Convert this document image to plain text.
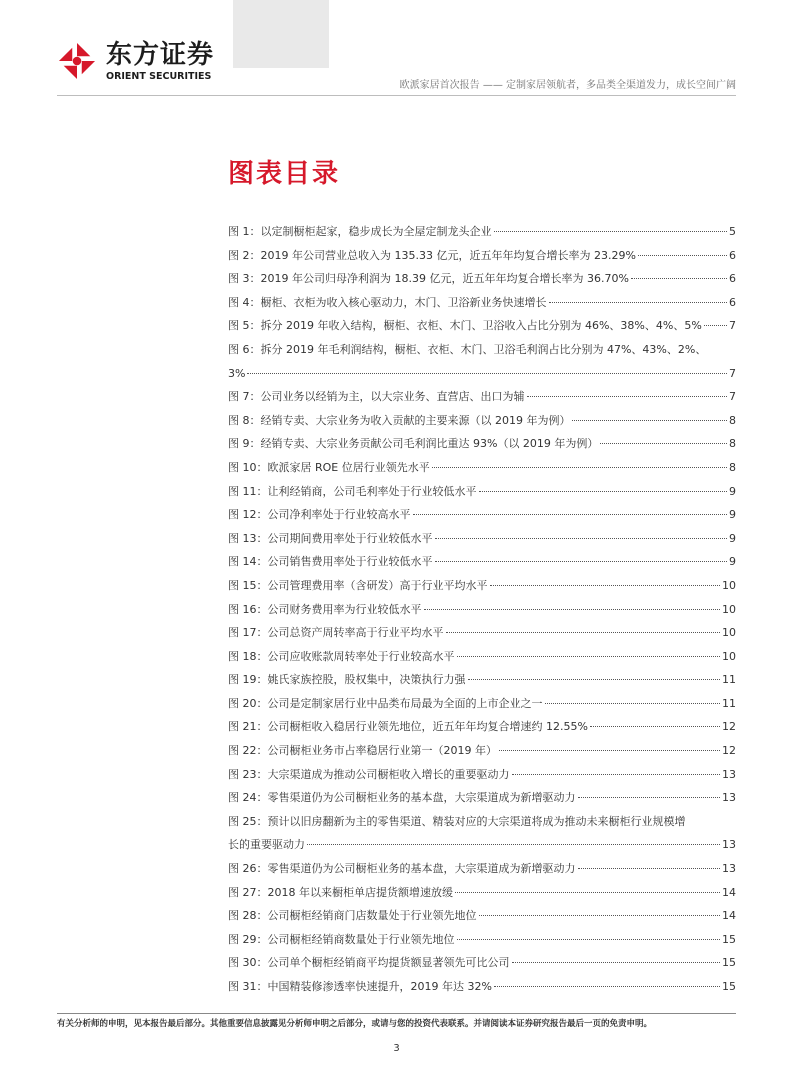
东方证券
ORIENT SECURITIES
欧派家居首次报告 —— 定制家居领航者，多品类全渠道发力，成长空间广阔
图表目录
图 1：以定制橱柜起家，稳步成长为全屋定制龙头企业	5
图 2：2019 年公司营业总收入为 135.33 亿元，近五年年均复合增长率为 23.29%	6
图 3：2019 年公司归母净利润为 18.39 亿元，近五年年均复合增长率为 36.70%	6
图 4：橱柜、衣柜为收入核心驱动力，木门、卫浴新业务快速增长	6
图 5：拆分 2019 年收入结构，橱柜、衣柜、木门、卫浴收入占比分别为 46%、38%、4%、5% 7
图 6：拆分 2019 年毛利润结构，橱柜、衣柜、木门、卫浴毛利润占比分别为 47%、43%、2%、
3%	7
图 7：公司业务以经销为主，以大宗业务、直营店、出口为辅	7
图 8：经销专卖、大宗业务为收入贡献的主要来源（以 2019 年为例）	8
图 9：经销专卖、大宗业务贡献公司毛利润比重达 93%（以 2019 年为例）	8
图 10：欧派家居 ROE 位居行业领先水平	8
图 11：让利经销商，公司毛利率处于行业较低水平	9
图 12：公司净利率处于行业较高水平	9
图 13：公司期间费用率处于行业较低水平	9
图 14：公司销售费用率处于行业较低水平	9
图 15：公司管理费用率（含研发）高于行业平均水平	10
图 16：公司财务费用率为行业较低水平	10
图 17：公司总资产周转率高于行业平均水平	10
图 18：公司应收账款周转率处于行业较高水平	10
图 19：姚氏家族控股，股权集中，决策执行力强	11
图 20：公司是定制家居行业中品类布局最为全面的上市企业之一	11
图 21：公司橱柜收入稳居行业领先地位，近五年年均复合增速约 12.55%	12
图 22：公司橱柜业务市占率稳居行业第一（2019 年）	12
图 23：大宗渠道成为推动公司橱柜收入增长的重要驱动力	13
图 24：零售渠道仍为公司橱柜业务的基本盘，大宗渠道成为新增驱动力	13
图 25：预计以旧房翻新为主的零售渠道、精装对应的大宗渠道将成为推动未来橱柜行业规模增
长的重要驱动力	13
图 26：零售渠道仍为公司橱柜业务的基本盘，大宗渠道成为新增驱动力	13
图 27：2018 年以来橱柜单店提货额增速放缓	14
图 28：公司橱柜经销商门店数量处于行业领先地位	14
图 29：公司橱柜经销商数量处于行业领先地位	15
图 30：公司单个橱柜经销商平均提货额显著领先可比公司	15
图 31：中国精装修渗透率快速提升，2019 年达 32%	15
有关分析师的申明，见本报告最后部分。其他重要信息披露见分析师申明之后部分，或请与您的投资代表联系。并请阅读本证券研究报告最后一页的免责申明。
3
